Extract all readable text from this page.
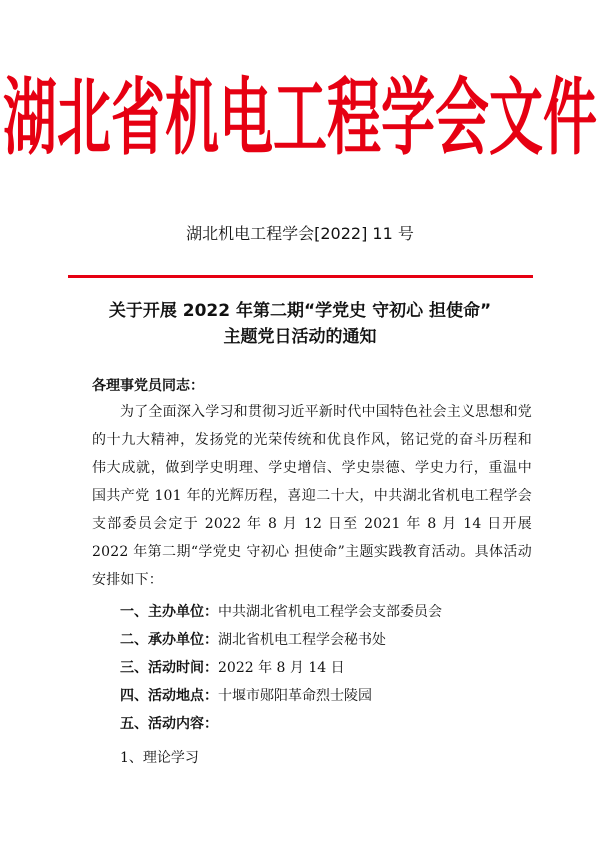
湖北省机电工程学会文件
湖北机电工程学会[2022] 11 号
关于开展 2022 年第二期“学党史 守初心 担使命”
主题党日活动的通知
各理事党员同志：
为了全面深入学习和贯彻习近平新时代中国特色社会主义思想和党的十九大精神，发扬党的光荣传统和优良作风，铭记党的奋斗历程和伟大成就，做到学史明理、学史增信、学史崇德、学史力行，重温中国共产党 101 年的光辉历程，喜迎二十大，中共湖北省机电工程学会支部委员会定于 2022 年 8 月 12 日至 2021 年 8 月 14 日开展 2022 年第二期“学党史 守初心 担使命”主题实践教育活动。具体活动安排如下：
一、主办单位：中共湖北省机电工程学会支部委员会
二、承办单位：湖北省机电工程学会秘书处
三、活动时间：2022 年 8 月 14 日
四、活动地点：十堰市郧阳革命烈士陵园
五、活动内容：
1、理论学习
